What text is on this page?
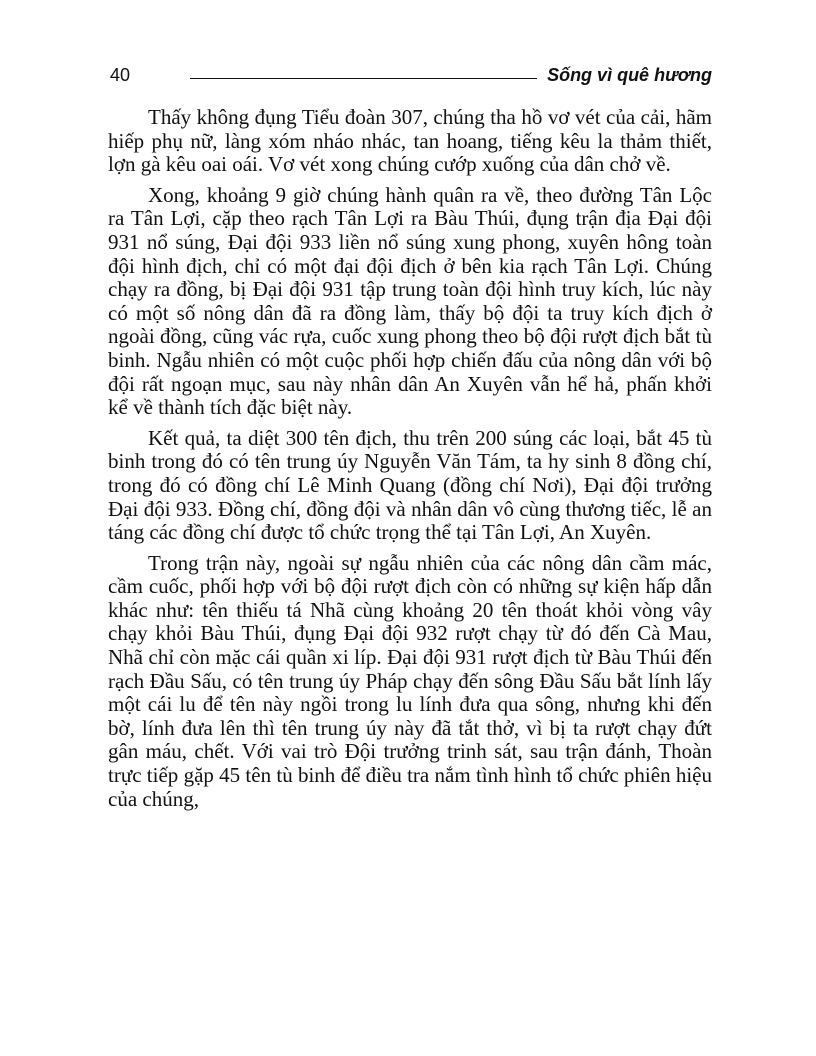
40	Sống vì quê hương

Thấy không đụng Tiểu đoàn 307, chúng tha hồ vơ vét của cải, hãm hiếp phụ nữ, làng xóm nháo nhác, tan hoang, tiếng kêu la thảm thiết, lợn gà kêu oai oái. Vơ vét xong chúng cướp xuống của dân chở về.

Xong, khoảng 9 giờ chúng hành quân ra về, theo đường Tân Lộc ra Tân Lợi, cặp theo rạch Tân Lợi ra Bàu Thúi, đụng trận địa Đại đội 931 nổ súng, Đại đội 933 liền nổ súng xung phong, xuyên hông toàn đội hình địch, chỉ có một đại đội địch ở bên kia rạch Tân Lợi. Chúng chạy ra đồng, bị Đại đội 931 tập trung toàn đội hình truy kích, lúc này có một số nông dân đã ra đồng làm, thấy bộ đội ta truy kích địch ở ngoài đồng, cũng vác rựa, cuốc xung phong theo bộ đội rượt địch bắt tù binh. Ngẫu nhiên có một cuộc phối hợp chiến đấu của nông dân với bộ đội rất ngoạn mục, sau này nhân dân An Xuyên vẫn hể hả, phấn khởi kể về thành tích đặc biệt này.

Kết quả, ta diệt 300 tên địch, thu trên 200 súng các loại, bắt 45 tù binh trong đó có tên trung úy Nguyễn Văn Tám, ta hy sinh 8 đồng chí, trong đó có đồng chí Lê Minh Quang (đồng chí Nơi), Đại đội trưởng Đại đội 933. Đồng chí, đồng đội và nhân dân vô cùng thương tiếc, lễ an táng các đồng chí được tổ chức trọng thể tại Tân Lợi, An Xuyên.

Trong trận này, ngoài sự ngẫu nhiên của các nông dân cầm mác, cầm cuốc, phối hợp với bộ đội rượt địch còn có những sự kiện hấp dẫn khác như: tên thiếu tá Nhã cùng khoảng 20 tên thoát khỏi vòng vây chạy khỏi Bàu Thúi, đụng Đại đội 932 rượt chạy từ đó đến Cà Mau, Nhã chỉ còn mặc cái quần xi líp. Đại đội 931 rượt địch từ Bàu Thúi đến rạch Đầu Sấu, có tên trung úy Pháp chạy đến sông Đầu Sấu bắt lính lấy một cái lu để tên này ngồi trong lu lính đưa qua sông, nhưng khi đến bờ, lính đưa lên thì tên trung úy này đã tắt thở, vì bị ta rượt chạy đứt gân máu, chết. Với vai trò Đội trưởng trinh sát, sau trận đánh, Thoàn trực tiếp gặp 45 tên tù binh để điều tra nắm tình hình tổ chức phiên hiệu của chúng,
